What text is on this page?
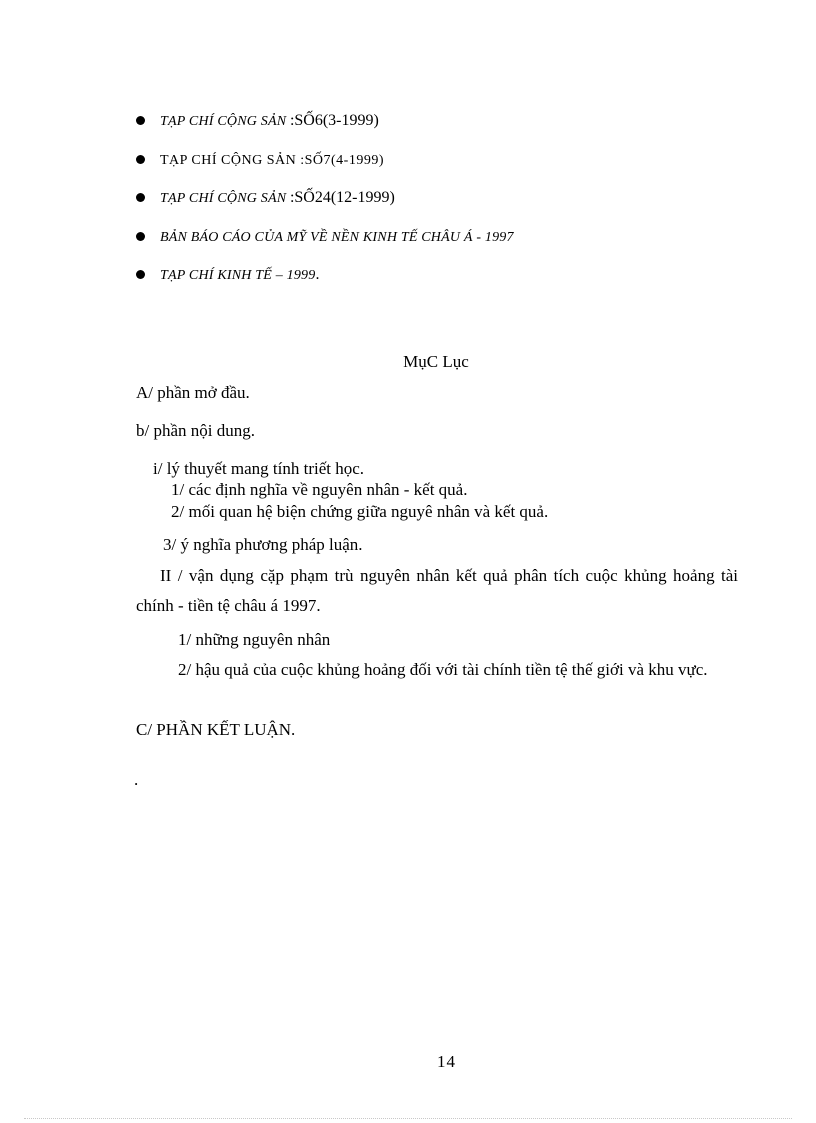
TẠP CHÍ CỘNG SẢN :SỐ6(3-1999)
TẠP CHÍ CỘNG SẢN :SỐ7(4-1999)
TẠP CHÍ CỘNG SẢN :SỐ24(12-1999)
BẢN BÁO CÁO CỦA MỸ VỀ NỀN KINH TẾ CHÂU Á - 1997
TẠP CHÍ KINH TẾ – 1999.
MụC Lục
A/ phần mở đầu.
b/ phần nội dung.
i/ lý thuyết mang tính triết học.
1/ các định nghĩa về nguyên nhân - kết quả.
2/ mối quan hệ biện chứng giữa nguyê nhân và kết quả.
3/ ý nghĩa phương pháp luận.
II / vận dụng cặp phạm trù nguyên nhân kết quả phân tích cuộc khủng hoảng tài chính - tiền tệ châu á 1997.
1/ những nguyên nhân
2/ hậu quả của cuộc khủng hoảng đối với tài chính tiền tệ thế giới và khu vực.
C/ PHẦN KẾT LUẬN.
.
14
